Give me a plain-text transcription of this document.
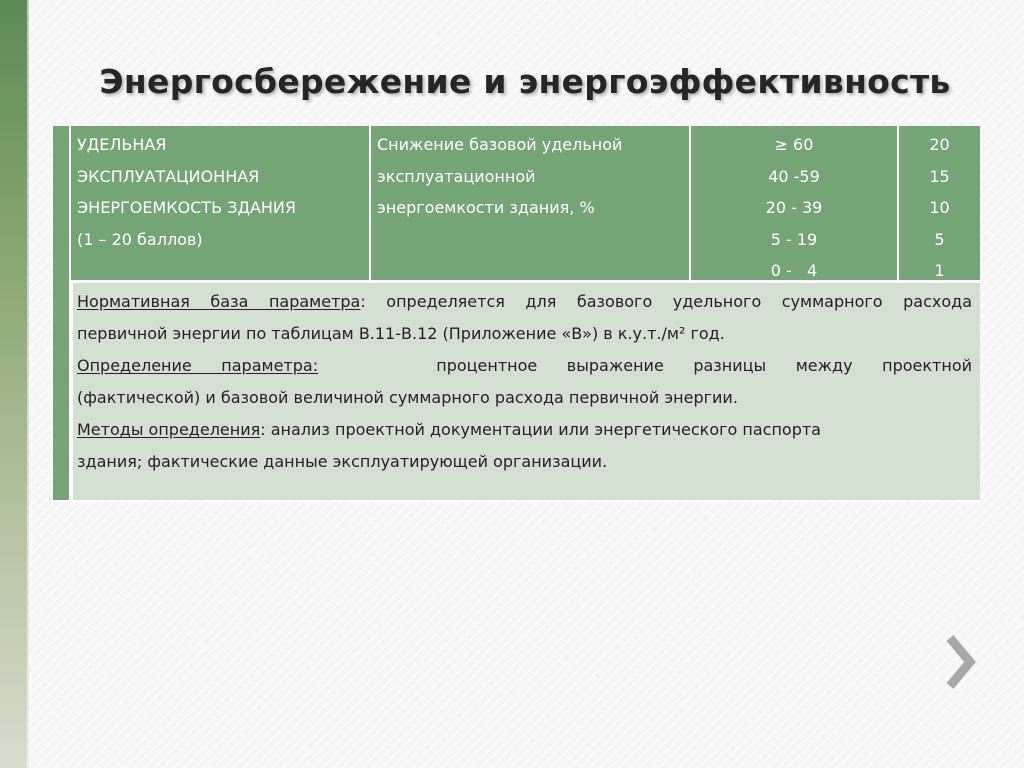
Энергосбережение и энергоэффективность
УДЕЛЬНАЯ
ЭКСПЛУАТАЦИОННАЯ
ЭНЕРГОЕМКОСТЬ ЗДАНИЯ
(1 – 20 баллов)
Снижение базовой удельной
эксплуатационной
энергоемкости здания, %
≥ 60
40 -59
20 - 39
5 - 19
0 -   4
20
15
10
5
1
Нормативная база параметра: определяется для базового удельного суммарного расхода
первичной энергии по таблицам В.11-В.12 (Приложение «В») в к.у.т./м² год.
Определение параметра:	процентное выражение разницы между проектной
(фактической) и базовой величиной суммарного расхода первичной энергии.
Методы определения: анализ проектной документации или энергетического паспорта
здания; фактические данные эксплуатирующей организации.
